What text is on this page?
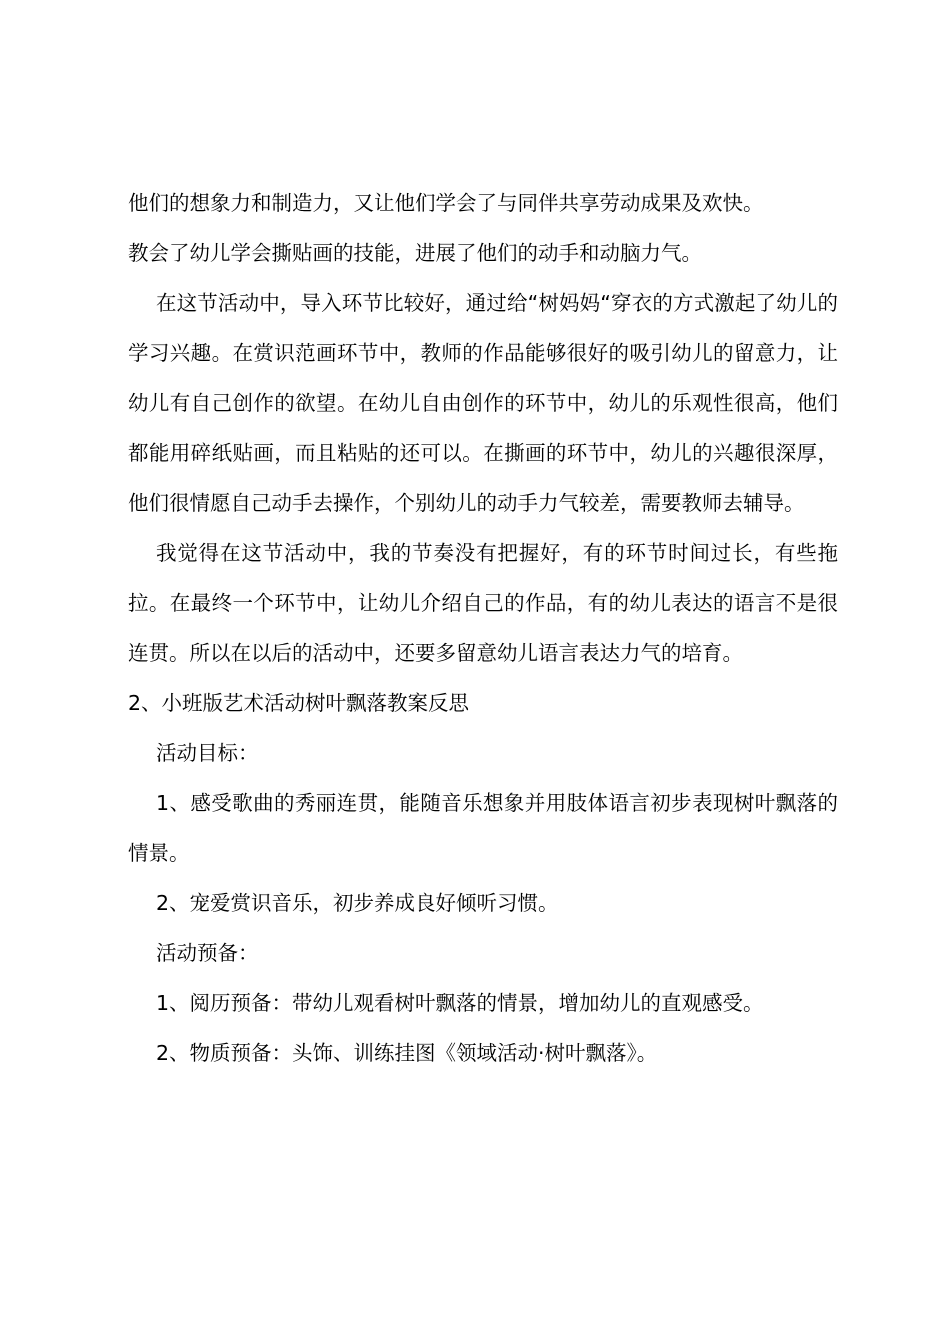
他们的想象力和制造力，又让他们学会了与同伴共享劳动成果及欢快。

教会了幼儿学会撕贴画的技能，进展了他们的动手和动脑力气。

在这节活动中，导入环节比较好，通过给“树妈妈“穿衣的方式激起了幼儿的学习兴趣。在赏识范画环节中，教师的作品能够很好的吸引幼儿的留意力，让幼儿有自己创作的欲望。在幼儿自由创作的环节中，幼儿的乐观性很高，他们都能用碎纸贴画，而且粘贴的还可以。在撕画的环节中，幼儿的兴趣很深厚，他们很情愿自己动手去操作，个别幼儿的动手力气较差，需要教师去辅导。

我觉得在这节活动中，我的节奏没有把握好，有的环节时间过长，有些拖拉。在最终一个环节中，让幼儿介绍自己的作品，有的幼儿表达的语言不是很连贯。所以在以后的活动中，还要多留意幼儿语言表达力气的培育。

2、小班版艺术活动树叶飘落教案反思

活动目标：

1、感受歌曲的秀丽连贯，能随音乐想象并用肢体语言初步表现树叶飘落的情景。

2、宠爱赏识音乐，初步养成良好倾听习惯。

活动预备：

1、阅历预备：带幼儿观看树叶飘落的情景，增加幼儿的直观感受。

2、物质预备：头饰、训练挂图《领域活动·树叶飘落》。
